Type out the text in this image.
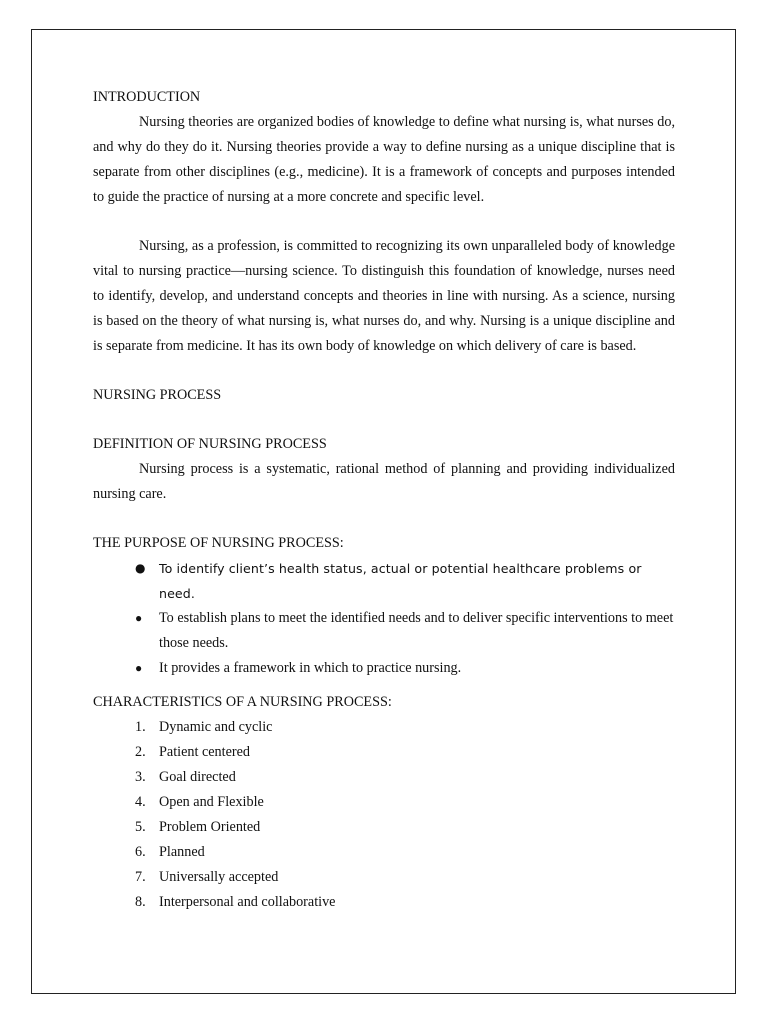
INTRODUCTION

Nursing theories are organized bodies of knowledge to define what nursing is, what nurses do, and why do they do it. Nursing theories provide a way to define nursing as a unique discipline that is separate from other disciplines (e.g., medicine). It is a framework of concepts and purposes intended to guide the practice of nursing at a more concrete and specific level.

Nursing, as a profession, is committed to recognizing its own unparalleled body of knowledge vital to nursing practice—nursing science. To distinguish this foundation of knowledge, nurses need to identify, develop, and understand concepts and theories in line with nursing. As a science, nursing is based on the theory of what nursing is, what nurses do, and why. Nursing is a unique discipline and is separate from medicine. It has its own body of knowledge on which delivery of care is based.

NURSING PROCESS
DEFINITION OF NURSING PROCESS

Nursing process is a systematic, rational method of planning and providing individualized nursing care.

THE PURPOSE OF NURSING PROCESS:
● To identify client’s health status, actual or potential healthcare problems or need.
● To establish plans to meet the identified needs and to deliver specific interventions to meet those needs.
● It provides a framework in which to practice nursing.
CHARACTERISTICS OF A NURSING PROCESS:
1. Dynamic and cyclic
2. Patient centered
3. Goal directed
4. Open and Flexible
5. Problem Oriented
6. Planned
7. Universally accepted
8. Interpersonal and collaborative
